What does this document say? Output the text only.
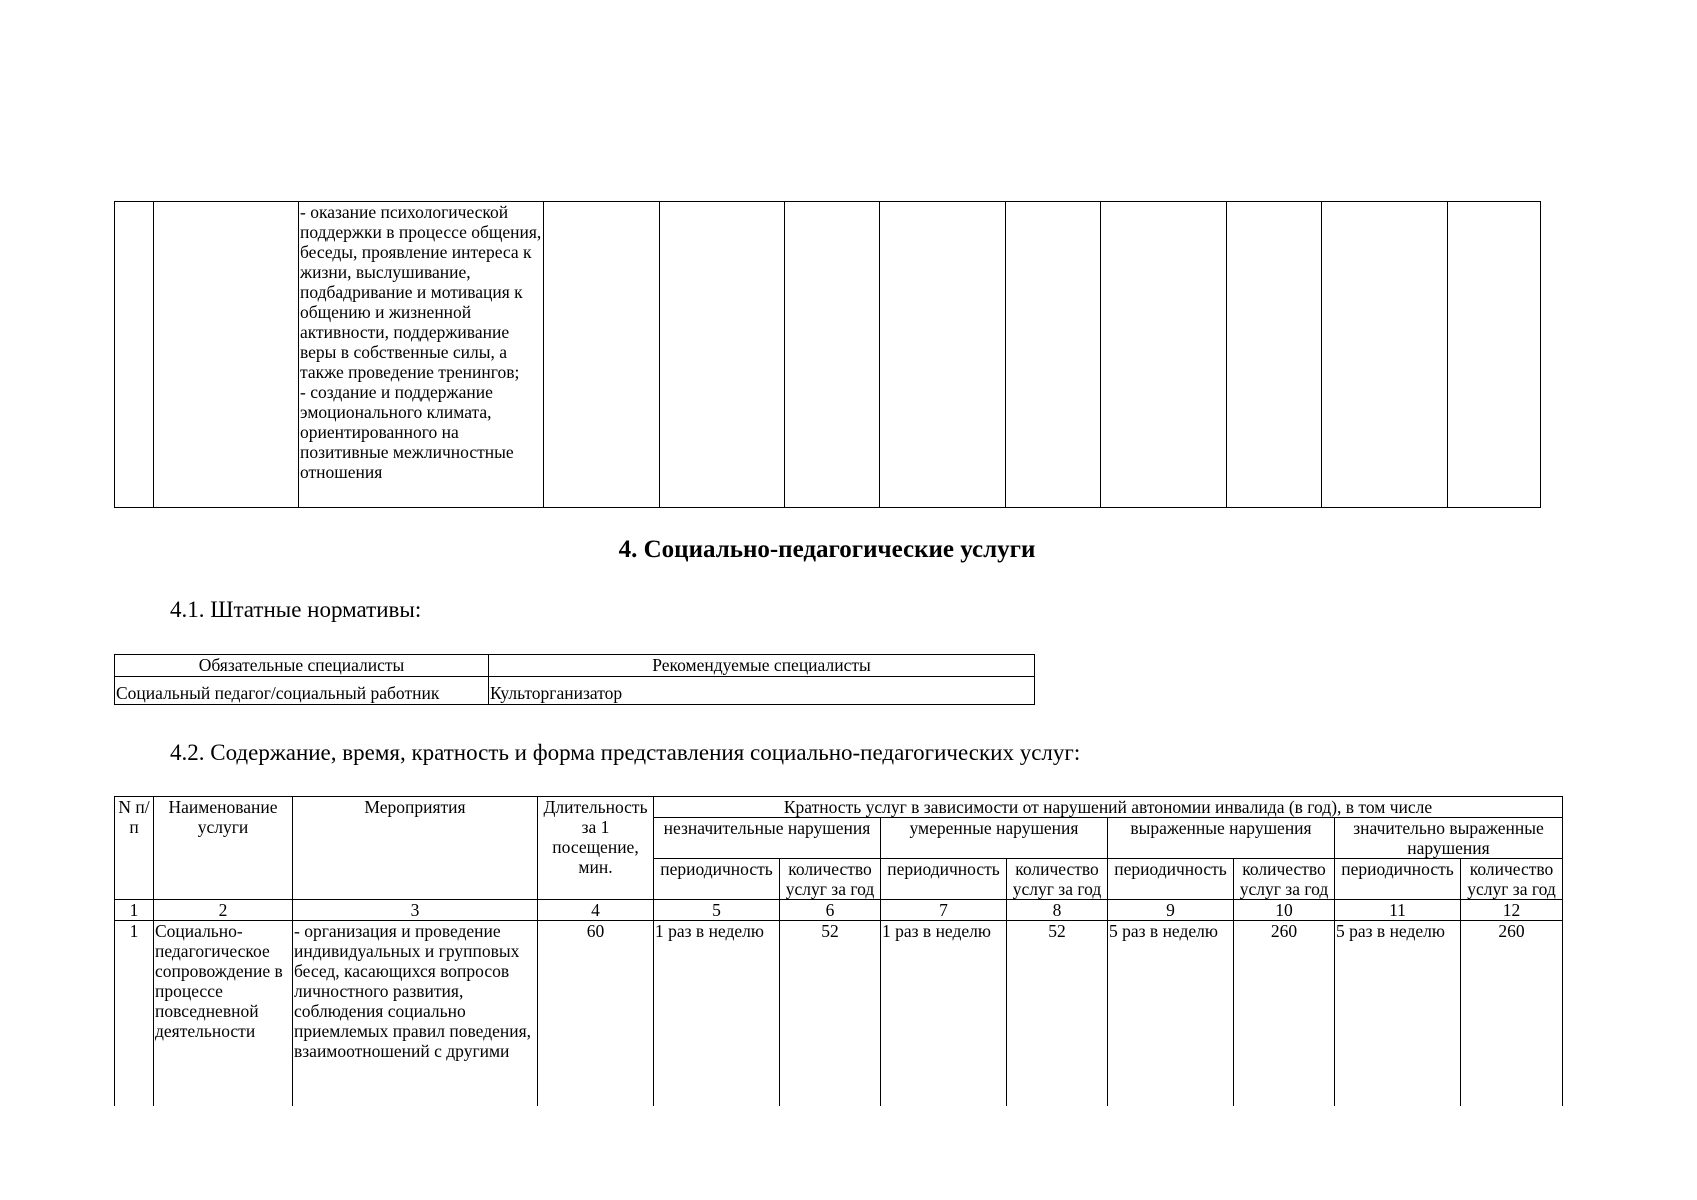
		- оказание психологической поддержки в процессе общения, беседы, проявление интереса к жизни, выслушивание, подбадривание и мотивация к общению и жизненной активности, поддерживание веры в собственные силы, а также проведение тренингов;
- создание и поддержание эмоционального климата, ориентированного на позитивные межличностные отношения									
4. Социально-педагогические услуги

4.1. Штатные нормативы:

Обязательные специалисты	Рекомендуемые специалисты
Социальный педагог/социальный работник	Культорганизатор

4.2. Содержание, время, кратность и форма представления социально-педагогических услуг:

N п/п	Наименование услуги	Мероприятия	Длительность за 1 посещение, мин.	Кратность услуг в зависимости от нарушений автономии инвалида (в год), в том числе							
				незначительные нарушения		умеренные нарушения		выраженные нарушения		значительно выраженные нарушения	
				периодичность	количество услуг за год	периодичность	количество услуг за год	периодичность	количество услуг за год	периодичность	количество услуг за год
1	2	3	4	5	6	7	8	9	10	11	12
1	Социально-педагогическое сопровождение в процессе повседневной деятельности	- организация и проведение индивидуальных и групповых бесед, касающихся вопросов личностного развития, соблюдения социально приемлемых правил поведения, взаимоотношений с другими	60	1 раз в неделю	52	1 раз в неделю	52	5 раз в неделю	260	5 раз в неделю	260
